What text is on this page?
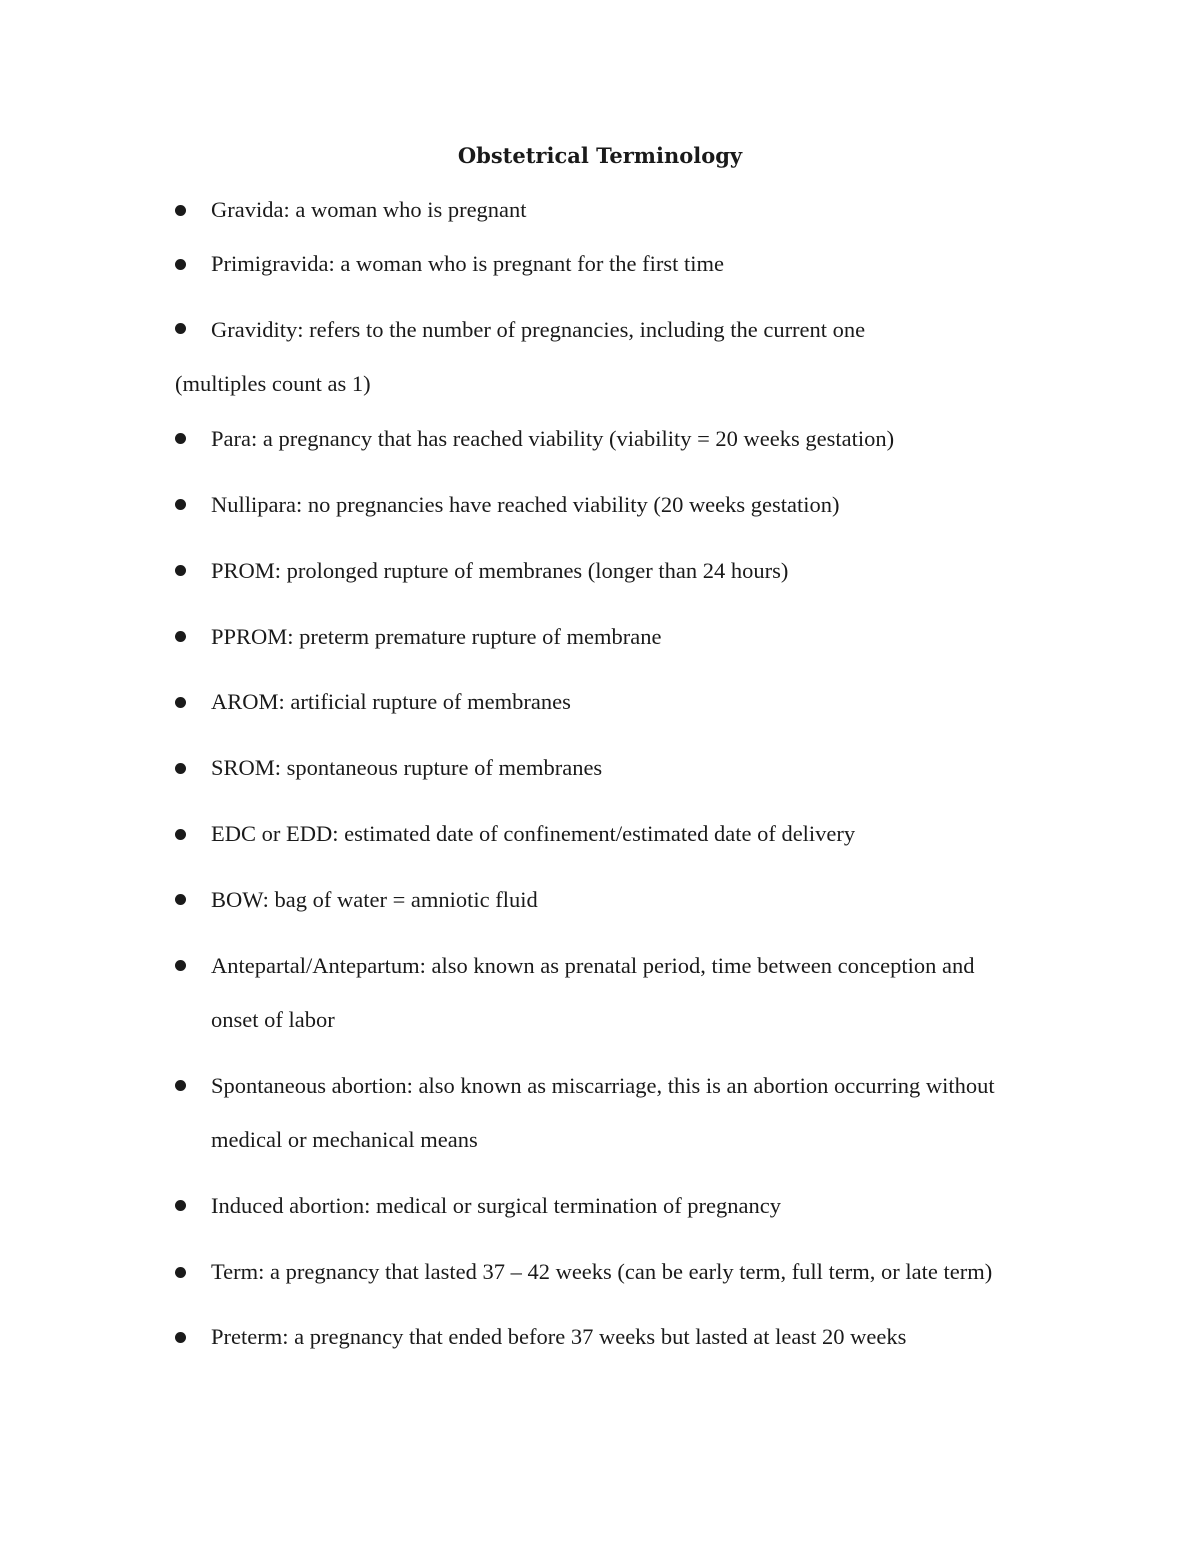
Obstetrical Terminology
Gravida: a woman who is pregnant
Primigravida: a woman who is pregnant for the first time
Gravidity: refers to the number of pregnancies, including the current one
(multiples count as 1)
Para: a pregnancy that has reached viability (viability = 20 weeks gestation)
Nullipara: no pregnancies have reached viability (20 weeks gestation)
PROM: prolonged rupture of membranes (longer than 24 hours)
PPROM: preterm premature rupture of membrane
AROM: artificial rupture of membranes
SROM: spontaneous rupture of membranes
EDC or EDD: estimated date of confinement/estimated date of delivery
BOW: bag of water = amniotic fluid
Antepartal/Antepartum: also known as prenatal period, time between conception and
onset of labor
Spontaneous abortion: also known as miscarriage, this is an abortion occurring without
medical or mechanical means
Induced abortion: medical or surgical termination of pregnancy
Term: a pregnancy that lasted 37 – 42 weeks (can be early term, full term, or late term)
Preterm: a pregnancy that ended before 37 weeks but lasted at least 20 weeks
